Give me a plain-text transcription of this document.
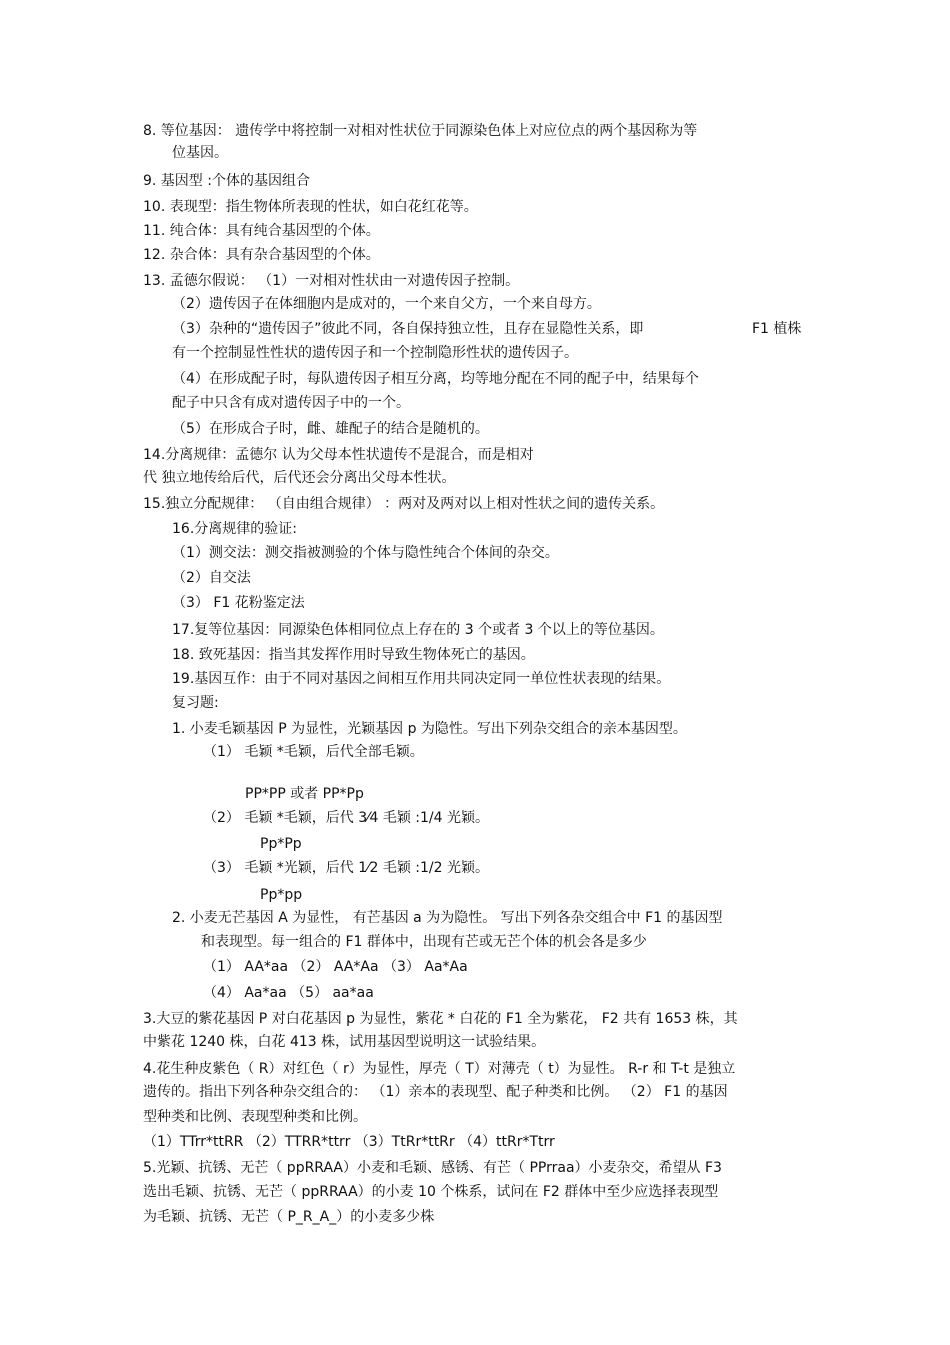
8. 等位基因： 遗传学中将控制一对相对性状位于同源染色体上对应位点的两个基因称为等
位基因。
9. 基因型 :个体的基因组合
10. 表现型：指生物体所表现的性状，如白花红花等。
11. 纯合体：具有纯合基因型的个体。
12. 杂合体：具有杂合基因型的个体。
13. 孟德尔假说： （1）一对相对性状由一对遗传因子控制。
（2）遗传因子在体细胞内是成对的，一个来自父方，一个来自母方。
（3）杂种的“遗传因子”彼此不同，各自保持独立性，且存在显隐性关系，即	F1 植株
有一个控制显性性状的遗传因子和一个控制隐形性状的遗传因子。
（4）在形成配子时，每队遗传因子相互分离，均等地分配在不同的配子中，结果每个
配子中只含有成对遗传因子中的一个。
（5）在形成合子时，雌、雄配子的结合是随机的。
14.分离规律：孟德尔 认为父母本性状遗传不是混合，而是相对
代 独立地传给后代，后代还会分离出父母本性状。
15.独立分配规律： （自由组合规律） ：两对及两对以上相对性状之间的遗传关系。
16.分离规律的验证:
（1）测交法：测交指被测验的个体与隐性纯合个体间的杂交。
（2）自交法
（3） F1 花粉鉴定法
17.复等位基因：同源染色体相同位点上存在的 3 个或者 3 个以上的等位基因。
18. 致死基因：指当其发挥作用时导致生物体死亡的基因。
19.基因互作：由于不同对基因之间相互作用共同决定同一单位性状表现的结果。
复习题:
1. 小麦毛颖基因 P 为显性，光颖基因 p 为隐性。写出下列杂交组合的亲本基因型。
（1） 毛颖 *毛颖，后代全部毛颖。
PP*PP 或者 PP*Pp
（2） 毛颖 *毛颖，后代 3⁄4 毛颖 :1/4 光颖。
Pp*Pp
（3） 毛颖 *光颖，后代 1⁄2 毛颖 :1/2 光颖。
Pp*pp
2. 小麦无芒基因 A 为显性， 有芒基因 a 为为隐性。 写出下列各杂交组合中 F1 的基因型
和表现型。每一组合的 F1 群体中，出现有芒或无芒个体的机会各是多少
（1） AA*aa （2） AA*Aa （3） Aa*Aa
（4） Aa*aa （5） aa*aa
3.大豆的紫花基因 P 对白花基因 p 为显性，紫花 * 白花的 F1 全为紫花， F2 共有 1653 株，其
中紫花 1240 株，白花 413 株，试用基因型说明这一试验结果。
4.花生种皮紫色（ R）对红色（ r）为显性，厚壳（ T）对薄壳（ t）为显性。 R-r 和 T-t 是独立
遗传的。指出下列各种杂交组合的： （1）亲本的表现型、配子种类和比例。 （2） F1 的基因
型种类和比例、表现型种类和比例。
（1）TTrr*ttRR （2）TTRR*ttrr （3）TtRr*ttRr （4）ttRr*Ttrr
5.光颖、抗锈、无芒（ ppRRAA）小麦和毛颖、感锈、有芒（ PPrraa）小麦杂交，希望从 F3
选出毛颖、抗锈、无芒（ ppRRAA）的小麦 10 个株系，试问在 F2 群体中至少应选择表现型
为毛颖、抗锈、无芒（ P_R_A_）的小麦多少株
